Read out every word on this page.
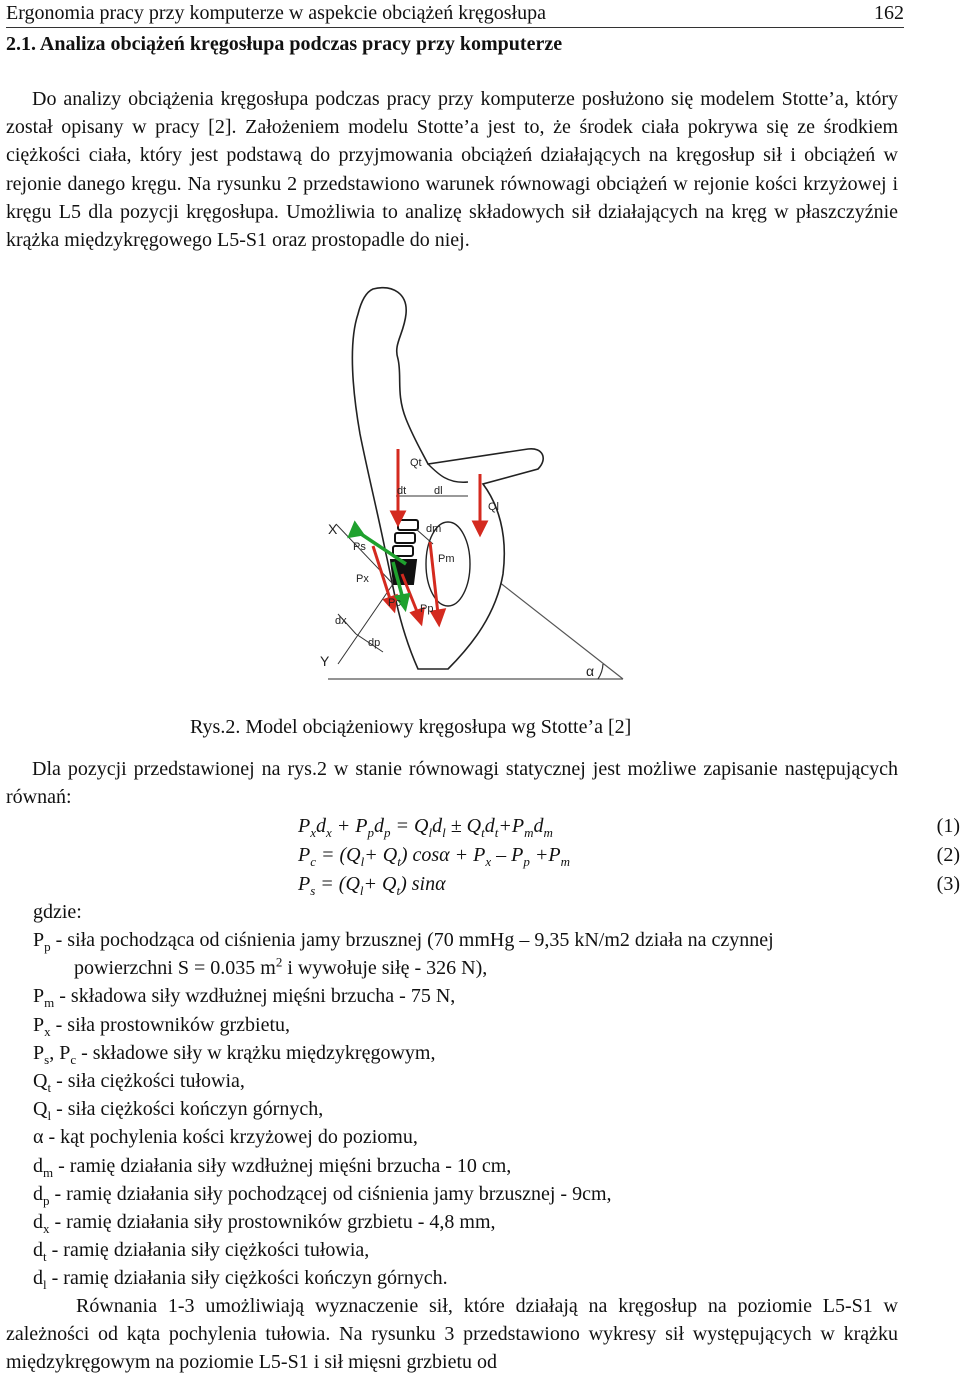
Ergonomia pracy przy komputerze w aspekcie obciążeń kręgosłupa	162
2.1. Analiza obciążeń kręgosłupa podczas pracy przy komputerze

Do analizy obciążenia kręgosłupa podczas pracy przy komputerze posłużono się modelem Stotte’a, który został opisany w pracy [2]. Założeniem modelu Stotte’a jest to, że środek ciała pokrywa się ze środkiem ciężkości ciała, który jest podstawą do przyjmowania obciążeń działających na kręgosłup sił i obciążeń w rejonie danego kręgu. Na rysunku 2 przedstawiono warunek równowagi obciążeń w rejonie kości krzyżowej i kręgu L5 dla pozycji kręgosłupa. Umożliwia to analizę składowych sił działających na kręg w płaszczyźnie krążka międzykręgowego L5-S1 oraz prostopadle do niej.

Qt
Ql
dt	dl
dm
Pm
Ps
Px
Pc Pp
dx
dp
X
Y
α
Rys.2. Model obciążeniowy kręgosłupa wg Stotte’a [2]

Dla pozycji przedstawionej na rys.2 w stanie równowagi statycznej jest możliwe zapisanie następujących równań:

$P_xd_x + P_pd_p = Q_ld_l \pm Q_td_t+P_md_m$	(1)
$P_c = (Q_l+ Q_t) \cos\alpha + P_x - P_p +P_m$	(2)
$P_s = (Q_l+ Q_t)$ sinα	(3)
gdzie:
$P_p$ - siła pochodząca od ciśnienia jamy brzusznej (70 mmHg – 9,35 kN/m2 działa na czynnej
powierzchni S = 0.035 $m^2$ i wywołuje siłę - 326 N),
$P_m$ - składowa siły wzdłużnej mięśni brzucha - 75 N,
$P_x$ - siła prostowników grzbietu,
$P_s$, $P_c$ - składowe siły w krążku międzykręgowym,
$Q_t$ - siła ciężkości tułowia,
$Q_l$ - siła ciężkości kończyn górnych,
α - kąt pochylenia kości krzyżowej do poziomu,
$d_m$ - ramię działania siły wzdłużnej mięśni brzucha - 10 cm,
$d_p$ - ramię działania siły pochodzącej od ciśnienia jamy brzusznej - 9cm,
$d_x$ - ramię działania siły prostowników grzbietu - 4,8 mm,
$d_t$ - ramię działania siły ciężkości tułowia,
$d_l$ - ramię działania siły ciężkości kończyn górnych.

Równania 1-3 umożliwiają wyznaczenie sił, które działają na kręgosłup na poziomie L5-S1 w zależności od kąta pochylenia tułowia. Na rysunku 3 przedstawiono wykresy sił występujących w krążku międzykręgowym na poziomie L5-S1 i sił mięsni grzbietu od
